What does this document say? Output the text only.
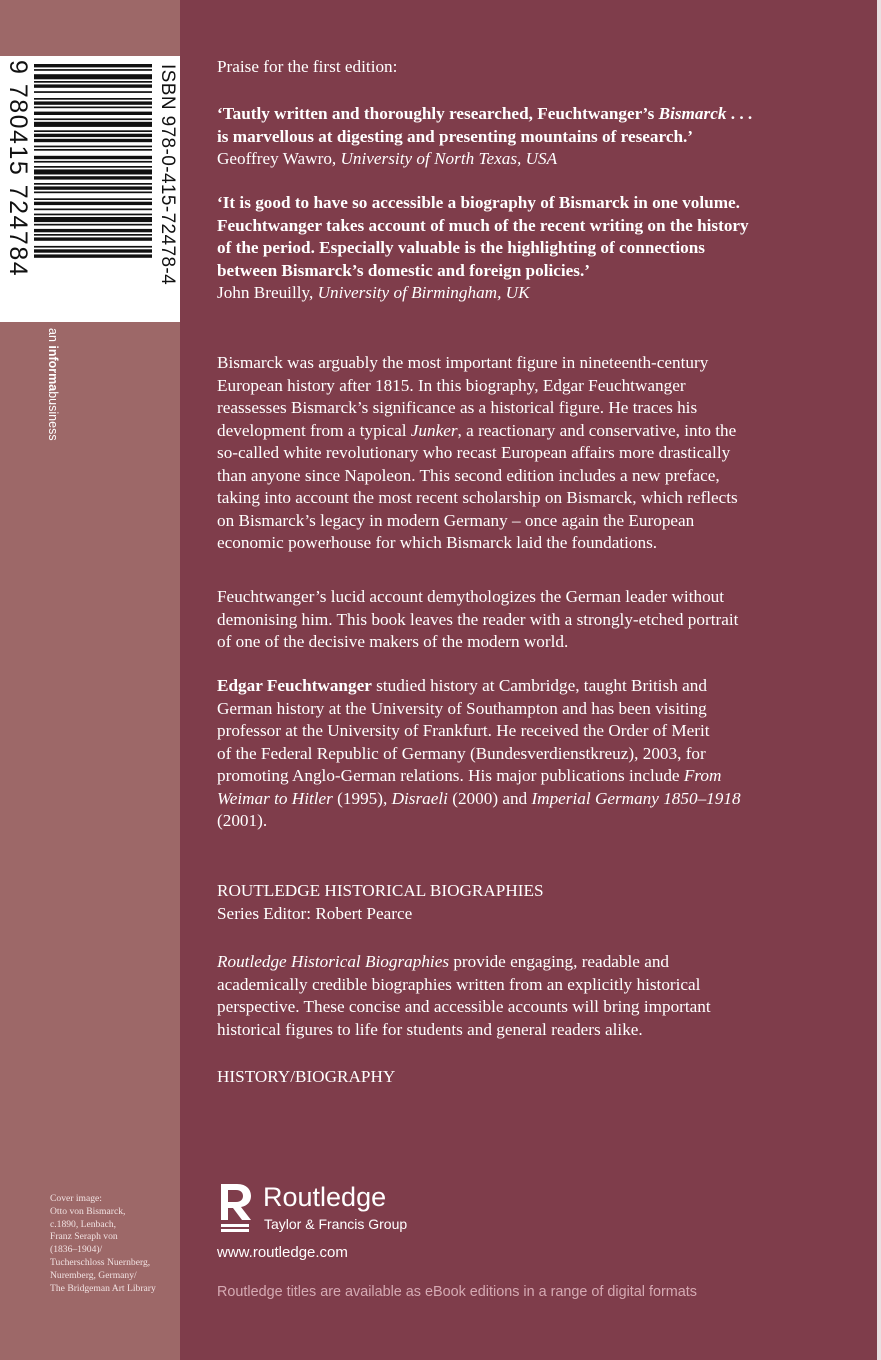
ISBN 978-0-415-72478-4
9 780415 724784
an informabusiness
Cover image:
Otto von Bismarck,
c.1890, Lenbach,
Franz Seraph von
(1836–1904)/
Tucherschloss Nuernberg,
Nuremberg, Germany/
The Bridgeman Art Library
Praise for the first edition:
‘Tautly written and thoroughly researched, Feuchtwanger’s Bismarck . . .
is marvellous at digesting and presenting mountains of research.’
Geoffrey Wawro, University of North Texas, USA
‘It is good to have so accessible a biography of Bismarck in one volume.
Feuchtwanger takes account of much of the recent writing on the history
of the period. Especially valuable is the highlighting of connections
between Bismarck’s domestic and foreign policies.’
John Breuilly, University of Birmingham, UK
Bismarck was arguably the most important figure in nineteenth-century
European history after 1815. In this biography, Edgar Feuchtwanger
reassesses Bismarck’s significance as a historical figure. He traces his
development from a typical Junker, a reactionary and conservative, into the
so-called white revolutionary who recast European affairs more drastically
than anyone since Napoleon. This second edition includes a new preface,
taking into account the most recent scholarship on Bismarck, which reflects
on Bismarck’s legacy in modern Germany – once again the European
economic powerhouse for which Bismarck laid the foundations.
Feuchtwanger’s lucid account demythologizes the German leader without
demonising him. This book leaves the reader with a strongly-etched portrait
of one of the decisive makers of the modern world.
Edgar Feuchtwanger studied history at Cambridge, taught British and
German history at the University of Southampton and has been visiting
professor at the University of Frankfurt. He received the Order of Merit
of the Federal Republic of Germany (Bundesverdienstkreuz), 2003, for
promoting Anglo-German relations. His major publications include From
Weimar to Hitler (1995), Disraeli (2000) and Imperial Germany 1850–1918
(2001).
ROUTLEDGE HISTORICAL BIOGRAPHIES
Series Editor: Robert Pearce
Routledge Historical Biographies provide engaging, readable and
academically credible biographies written from an explicitly historical
perspective. These concise and accessible accounts will bring important
historical figures to life for students and general readers alike.
HISTORY/BIOGRAPHY
Routledge
Taylor & Francis Group
www.routledge.com
Routledge titles are available as eBook editions in a range of digital formats
